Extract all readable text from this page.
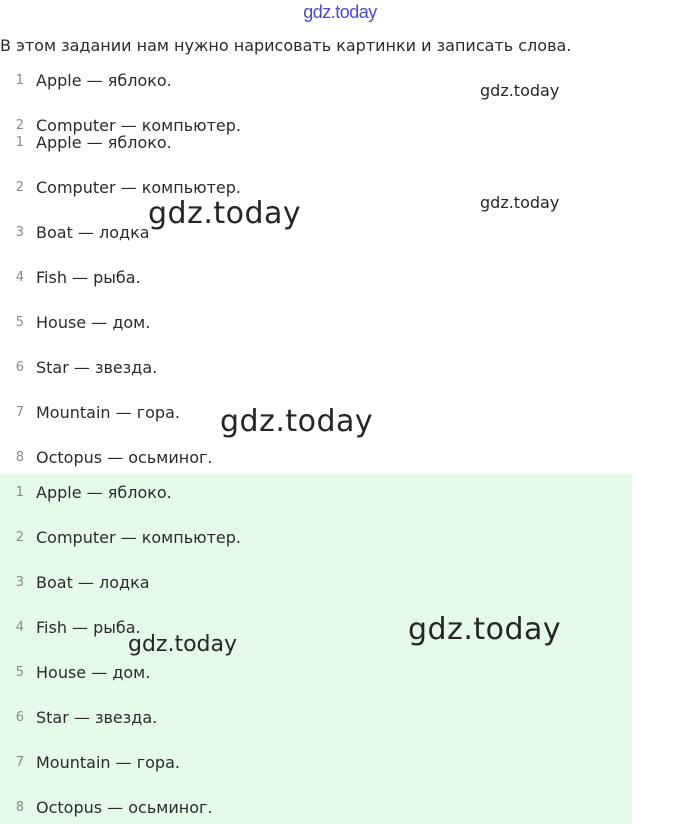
gdz.today
В этом задании нам нужно нарисовать картинки и записать слова.
1 Apple — яблоко.
2 Computer — компьютер.
1 Apple — яблоко.
2 Computer — компьютер.
3 Boat — лодка
4 Fish — рыба.
5 House — дом.
6 Star — звезда.
7 Mountain — гора.
8 Octopus — осьминог.
1 Apple — яблоко.
2 Computer — компьютер.
3 Boat — лодка
4 Fish — рыба.
5 House — дом.
6 Star — звезда.
7 Mountain — гора.
8 Octopus — осьминог.
gdz.today
gdz.today
gdz.today
gdz.today
gdz.today
gdz.today
